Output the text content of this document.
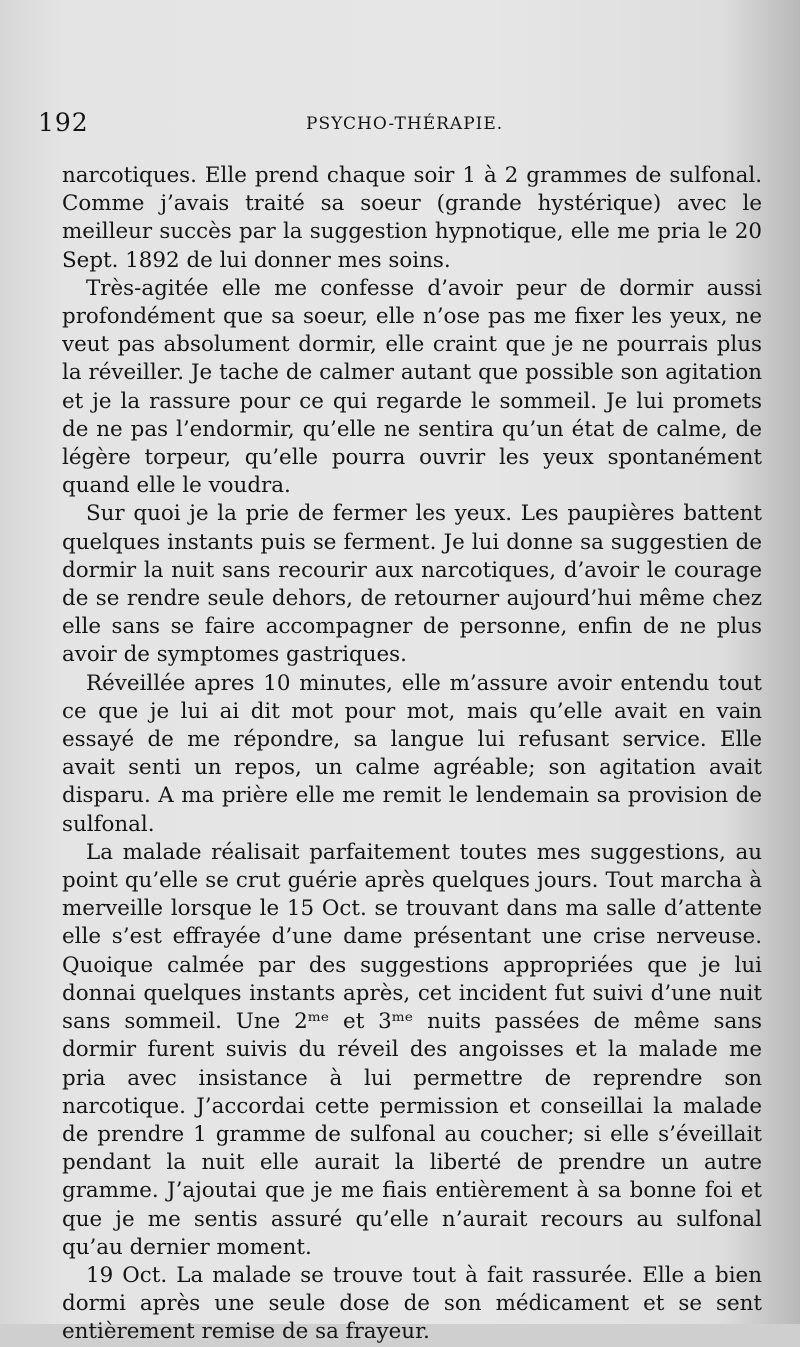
192	PSYCHO-THÉRAPIE.

narcotiques. Elle prend chaque soir 1 à 2 grammes de sulfonal. Comme j’avais traité sa soeur (grande hystérique) avec le meilleur succès par la suggestion hypnotique, elle me pria le 20 Sept. 1892 de lui donner mes soins.

Très-agitée elle me confesse d’avoir peur de dormir aussi profondément que sa soeur, elle n’ose pas me fixer les yeux, ne veut pas absolument dormir, elle craint que je ne pourrais plus la réveiller. Je tache de calmer autant que possible son agitation et je la rassure pour ce qui regarde le sommeil. Je lui promets de ne pas l’endormir, qu’elle ne sentira qu’un état de calme, de légère torpeur, qu’elle pourra ouvrir les yeux spontanément quand elle le voudra.

Sur quoi je la prie de fermer les yeux. Les paupières battent quelques instants puis se ferment. Je lui donne sa suggestien de dormir la nuit sans recourir aux narcotiques, d’avoir le courage de se rendre seule dehors, de retourner aujourd’hui même chez elle sans se faire accompagner de personne, enfin de ne plus avoir de symptomes gastriques.

Réveillée apres 10 minutes, elle m’assure avoir entendu tout ce que je lui ai dit mot pour mot, mais qu’elle avait en vain essayé de me répondre, sa langue lui refusant service. Elle avait senti un repos, un calme agréable; son agitation avait disparu. A ma prière elle me remit le lendemain sa provision de sulfonal.

La malade réalisait parfaitement toutes mes suggestions, au point qu’elle se crut guérie après quelques jours. Tout marcha à merveille lorsque le 15 Oct. se trouvant dans ma salle d’attente elle s’est effrayée d’une dame présentant une crise nerveuse. Quoique calmée par des suggestions appropriées que je lui donnai quelques instants après, cet incident fut suivi d’une nuit sans sommeil. Une 2ᵐᵉ et 3ᵐᵉ nuits passées de même sans dormir furent suivis du réveil des angoisses et la malade me pria avec insistance à lui permettre de reprendre son narcotique. J’accordai cette permission et conseillai la malade de prendre 1 gramme de sulfonal au coucher; si elle s’éveillait pendant la nuit elle aurait la liberté de prendre un autre gramme. J’ajoutai que je me fiais entièrement à sa bonne foi et que je me sentis assuré qu’elle n’aurait recours au sulfonal qu’au dernier moment.

19 Oct. La malade se trouve tout à fait rassurée. Elle a bien dormi après une seule dose de son médicament et se sent entièrement remise de sa frayeur.
